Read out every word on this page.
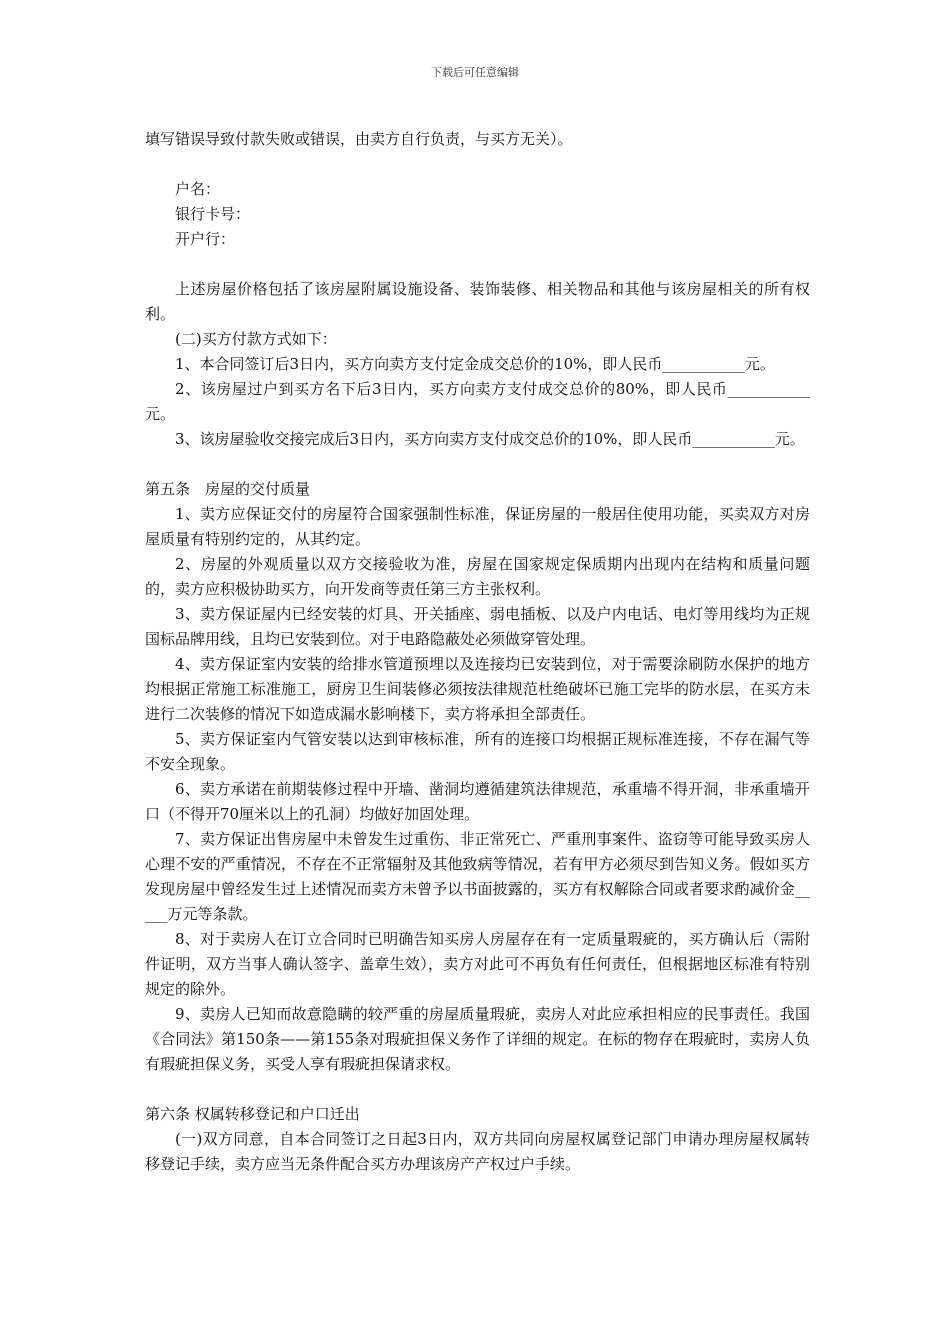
下载后可任意编辑

填写错误导致付款失败或错误，由卖方自行负责，与买方无关）。

户名：

银行卡号：

开户行：

上述房屋价格包括了该房屋附属设施设备、装饰装修、相关物品和其他与该房屋相关的所有权利。

(二)买方付款方式如下：

1、本合同签订后3日内，买方向卖方支付定金成交总价的10%，即人民币___________元。

2、该房屋过户到买方名下后3日内，买方向卖方支付成交总价的80%，即人民币___________元。

3、该房屋验收交接完成后3日内，买方向卖方支付成交总价的10%，即人民币___________元。

第五条　房屋的交付质量

1、卖方应保证交付的房屋符合国家强制性标准，保证房屋的一般居住使用功能，买卖双方对房屋质量有特别约定的，从其约定。

2、房屋的外观质量以双方交接验收为准，房屋在国家规定保质期内出现内在结构和质量问题的，卖方应积极协助买方，向开发商等责任第三方主张权利。

3、卖方保证屋内已经安装的灯具、开关插座、弱电插板、以及户内电话、电灯等用线均为正规国标品牌用线，且均已安装到位。对于电路隐蔽处必须做穿管处理。

4、卖方保证室内安装的给排水管道预埋以及连接均已安装到位，对于需要涂刷防水保护的地方均根据正常施工标准施工，厨房卫生间装修必须按法律规范杜绝破坏已施工完毕的防水层，在买方未进行二次装修的情况下如造成漏水影响楼下，卖方将承担全部责任。

5、卖方保证室内气管安装以达到审核标准，所有的连接口均根据正规标准连接，不存在漏气等不安全现象。

6、卖方承诺在前期装修过程中开墙、凿洞均遵循建筑法律规范，承重墙不得开洞，非承重墙开口（不得开70厘米以上的孔洞）均做好加固处理。

7、卖方保证出售房屋中未曾发生过重伤、非正常死亡、严重刑事案件、盗窃等可能导致买房人心理不安的严重情况，不存在不正常辐射及其他致病等情况，若有甲方必须尽到告知义务。假如买方发现房屋中曾经发生过上述情况而卖方未曾予以书面披露的，买方有权解除合同或者要求酌减价金_____万元等条款。

8、对于卖房人在订立合同时已明确告知买房人房屋存在有一定质量瑕疵的，买方确认后（需附件证明，双方当事人确认签字、盖章生效），卖方对此可不再负有任何责任，但根据地区标准有特别规定的除外。

9、卖房人已知而故意隐瞒的较严重的房屋质量瑕疵，卖房人对此应承担相应的民事责任。我国《合同法》第150条——第155条对瑕疵担保义务作了详细的规定。在标的物存在瑕疵时，卖房人负有瑕疵担保义务，买受人享有瑕疵担保请求权。

第六条 权属转移登记和户口迁出

(一)双方同意，自本合同签订之日起3日内，双方共同向房屋权属登记部门申请办理房屋权属转移登记手续，卖方应当无条件配合买方办理该房产产权过户手续。
